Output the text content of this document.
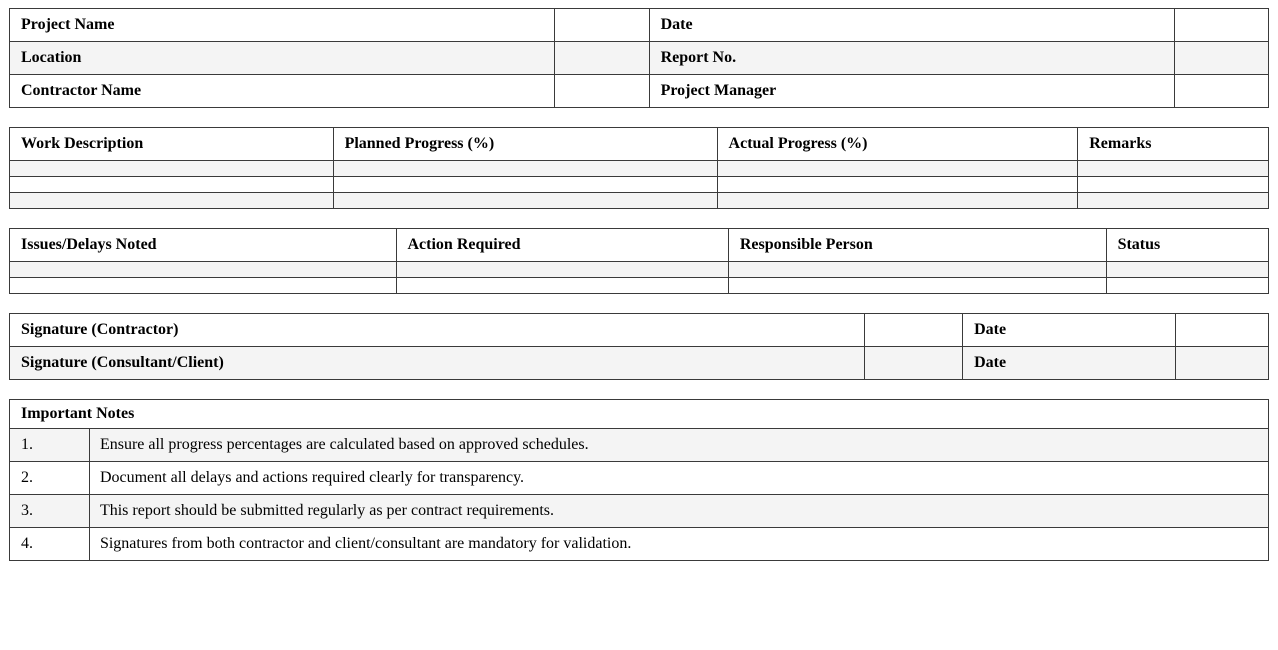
Project Name		Date	
Location		Report No.	
Contractor Name		Project Manager	
Work Description	Planned Progress (%)	Actual Progress (%)	Remarks

Issues/Delays Noted	Action Required	Responsible Person	Status

Signature (Contractor)		Date	
Signature (Consultant/Client)		Date	
Important Notes	
1.	Ensure all progress percentages are calculated based on approved schedules.
2.	Document all delays and actions required clearly for transparency.
3.	This report should be submitted regularly as per contract requirements.
4.	Signatures from both contractor and client/consultant are mandatory for validation.
